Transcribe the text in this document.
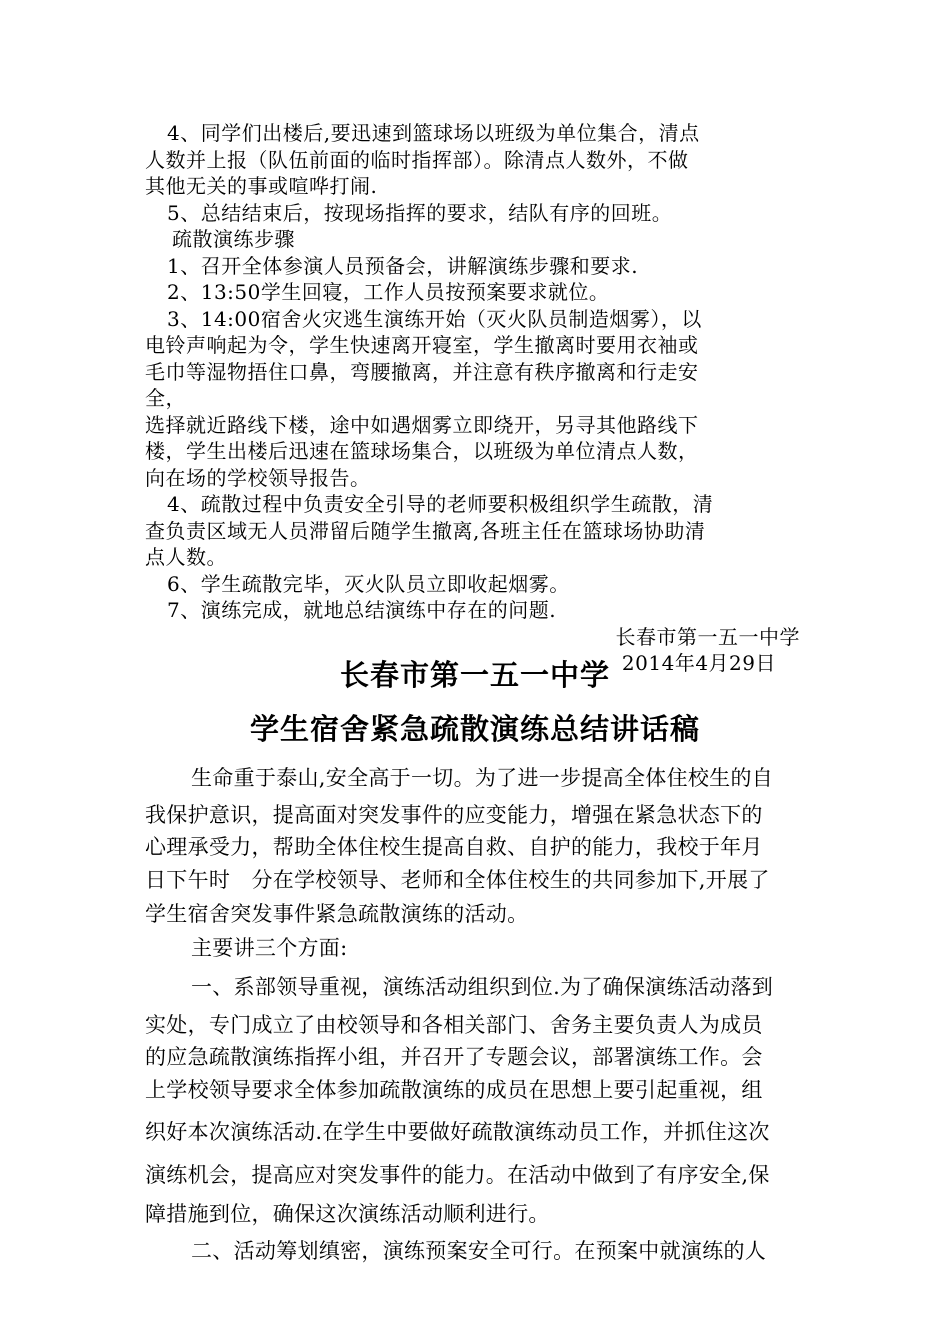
4、同学们出楼后,要迅速到篮球场以班级为单位集合，清点
人数并上报（队伍前面的临时指挥部）。除清点人数外，不做
其他无关的事或喧哗打闹.
5、总结结束后，按现场指挥的要求，结队有序的回班。
疏散演练步骤
1、召开全体参演人员预备会，讲解演练步骤和要求.
2、13:50学生回寝，工作人员按预案要求就位。
3、14:00宿舍火灾逃生演练开始（灭火队员制造烟雾），以
电铃声响起为令，学生快速离开寝室，学生撤离时要用衣袖或
毛巾等湿物捂住口鼻，弯腰撤离，并注意有秩序撤离和行走安
全，
选择就近路线下楼，途中如遇烟雾立即绕开，另寻其他路线下
楼，学生出楼后迅速在篮球场集合，以班级为单位清点人数，
向在场的学校领导报告。
4、疏散过程中负责安全引导的老师要积极组织学生疏散，清
查负责区域无人员滞留后随学生撤离,各班主任在篮球场协助清
点人数。
6、学生疏散完毕，灭火队员立即收起烟雾。
7、演练完成，就地总结演练中存在的问题.
长春市第一五一中学
2014年4月29日
长春市第一五一中学
学生宿舍紧急疏散演练总结讲话稿
生命重于泰山,安全高于一切。为了进一步提高全体住校生的自
我保护意识，提高面对突发事件的应变能力，增强在紧急状态下的
心理承受力，帮助全体住校生提高自救、自护的能力，我校于年月
日下午时　分在学校领导、老师和全体住校生的共同参加下,开展了
学生宿舍突发事件紧急疏散演练的活动。
主要讲三个方面:
一、系部领导重视，演练活动组织到位.为了确保演练活动落到
实处，专门成立了由校领导和各相关部门、舍务主要负责人为成员
的应急疏散演练指挥小组，并召开了专题会议，部署演练工作。会
上学校领导要求全体参加疏散演练的成员在思想上要引起重视，组
织好本次演练活动.在学生中要做好疏散演练动员工作，并抓住这次
演练机会，提高应对突发事件的能力。在活动中做到了有序安全,保
障措施到位，确保这次演练活动顺利进行。
二、活动筹划缜密，演练预案安全可行。在预案中就演练的人
